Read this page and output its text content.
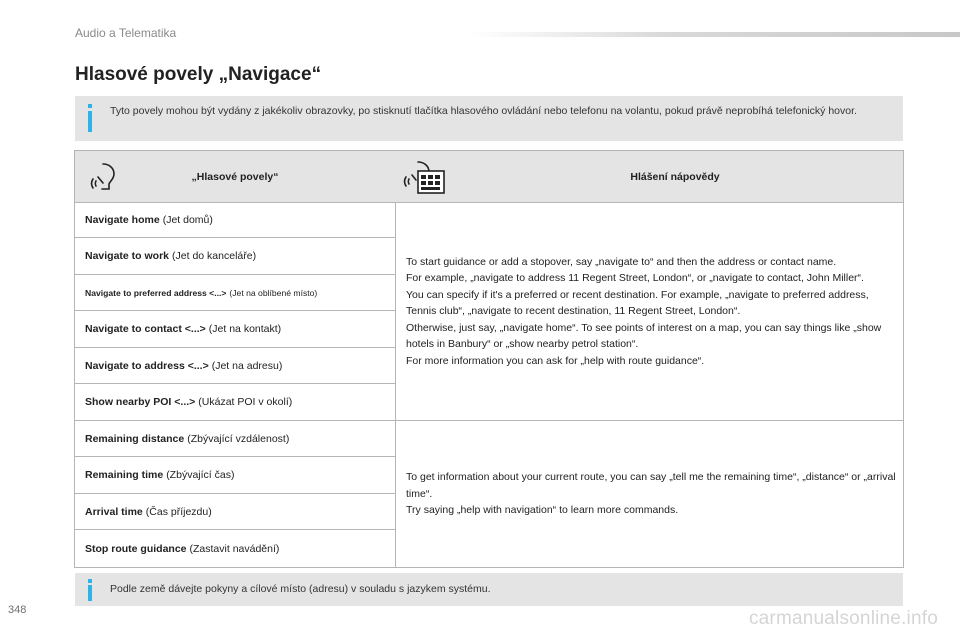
Audio a Telematika
Hlasové povely „Navigace“
Tyto povely mohou být vydány z jakékoliv obrazovky, po stisknutí tlačítka hlasového ovládání nebo telefonu na volantu, pokud právě neprobíhá telefonický hovor.
„Hlasové povely“	Hlášení nápovědy
Navigate home (Jet domů)
Navigate to work (Jet do kanceláře)
Navigate to preferred address <...> (Jet na oblíbené místo)
Navigate to contact <...> (Jet na kontakt)
Navigate to address <...> (Jet na adresu)
Show nearby POI <...> (Ukázat POI v okolí)
To start guidance or add a stopover, say „navigate to“ and then the address or contact name.
For example, „navigate to address 11 Regent Street, London“, or „navigate to contact, John Miller“.
You can specify if it's a preferred or recent destination. For example, „navigate to preferred address, Tennis club“, „navigate to recent destination, 11 Regent Street, London“.
Otherwise, just say, „navigate home“. To see points of interest on a map, you can say things like „show hotels in Banbury“ or „show nearby petrol station“.
For more information you can ask for „help with route guidance“.
Remaining distance (Zbývající vzdálenost)
Remaining time (Zbývající čas)
Arrival time (Čas příjezdu)
Stop route guidance (Zastavit navádění)
To get information about your current route, you can say „tell me the remaining time“, „distance“ or „arrival time“.
Try saying „help with navigation“ to learn more commands.
Podle země dávejte pokyny a cílové místo (adresu) v souladu s jazykem systému.
348	carmanualsonline.info
